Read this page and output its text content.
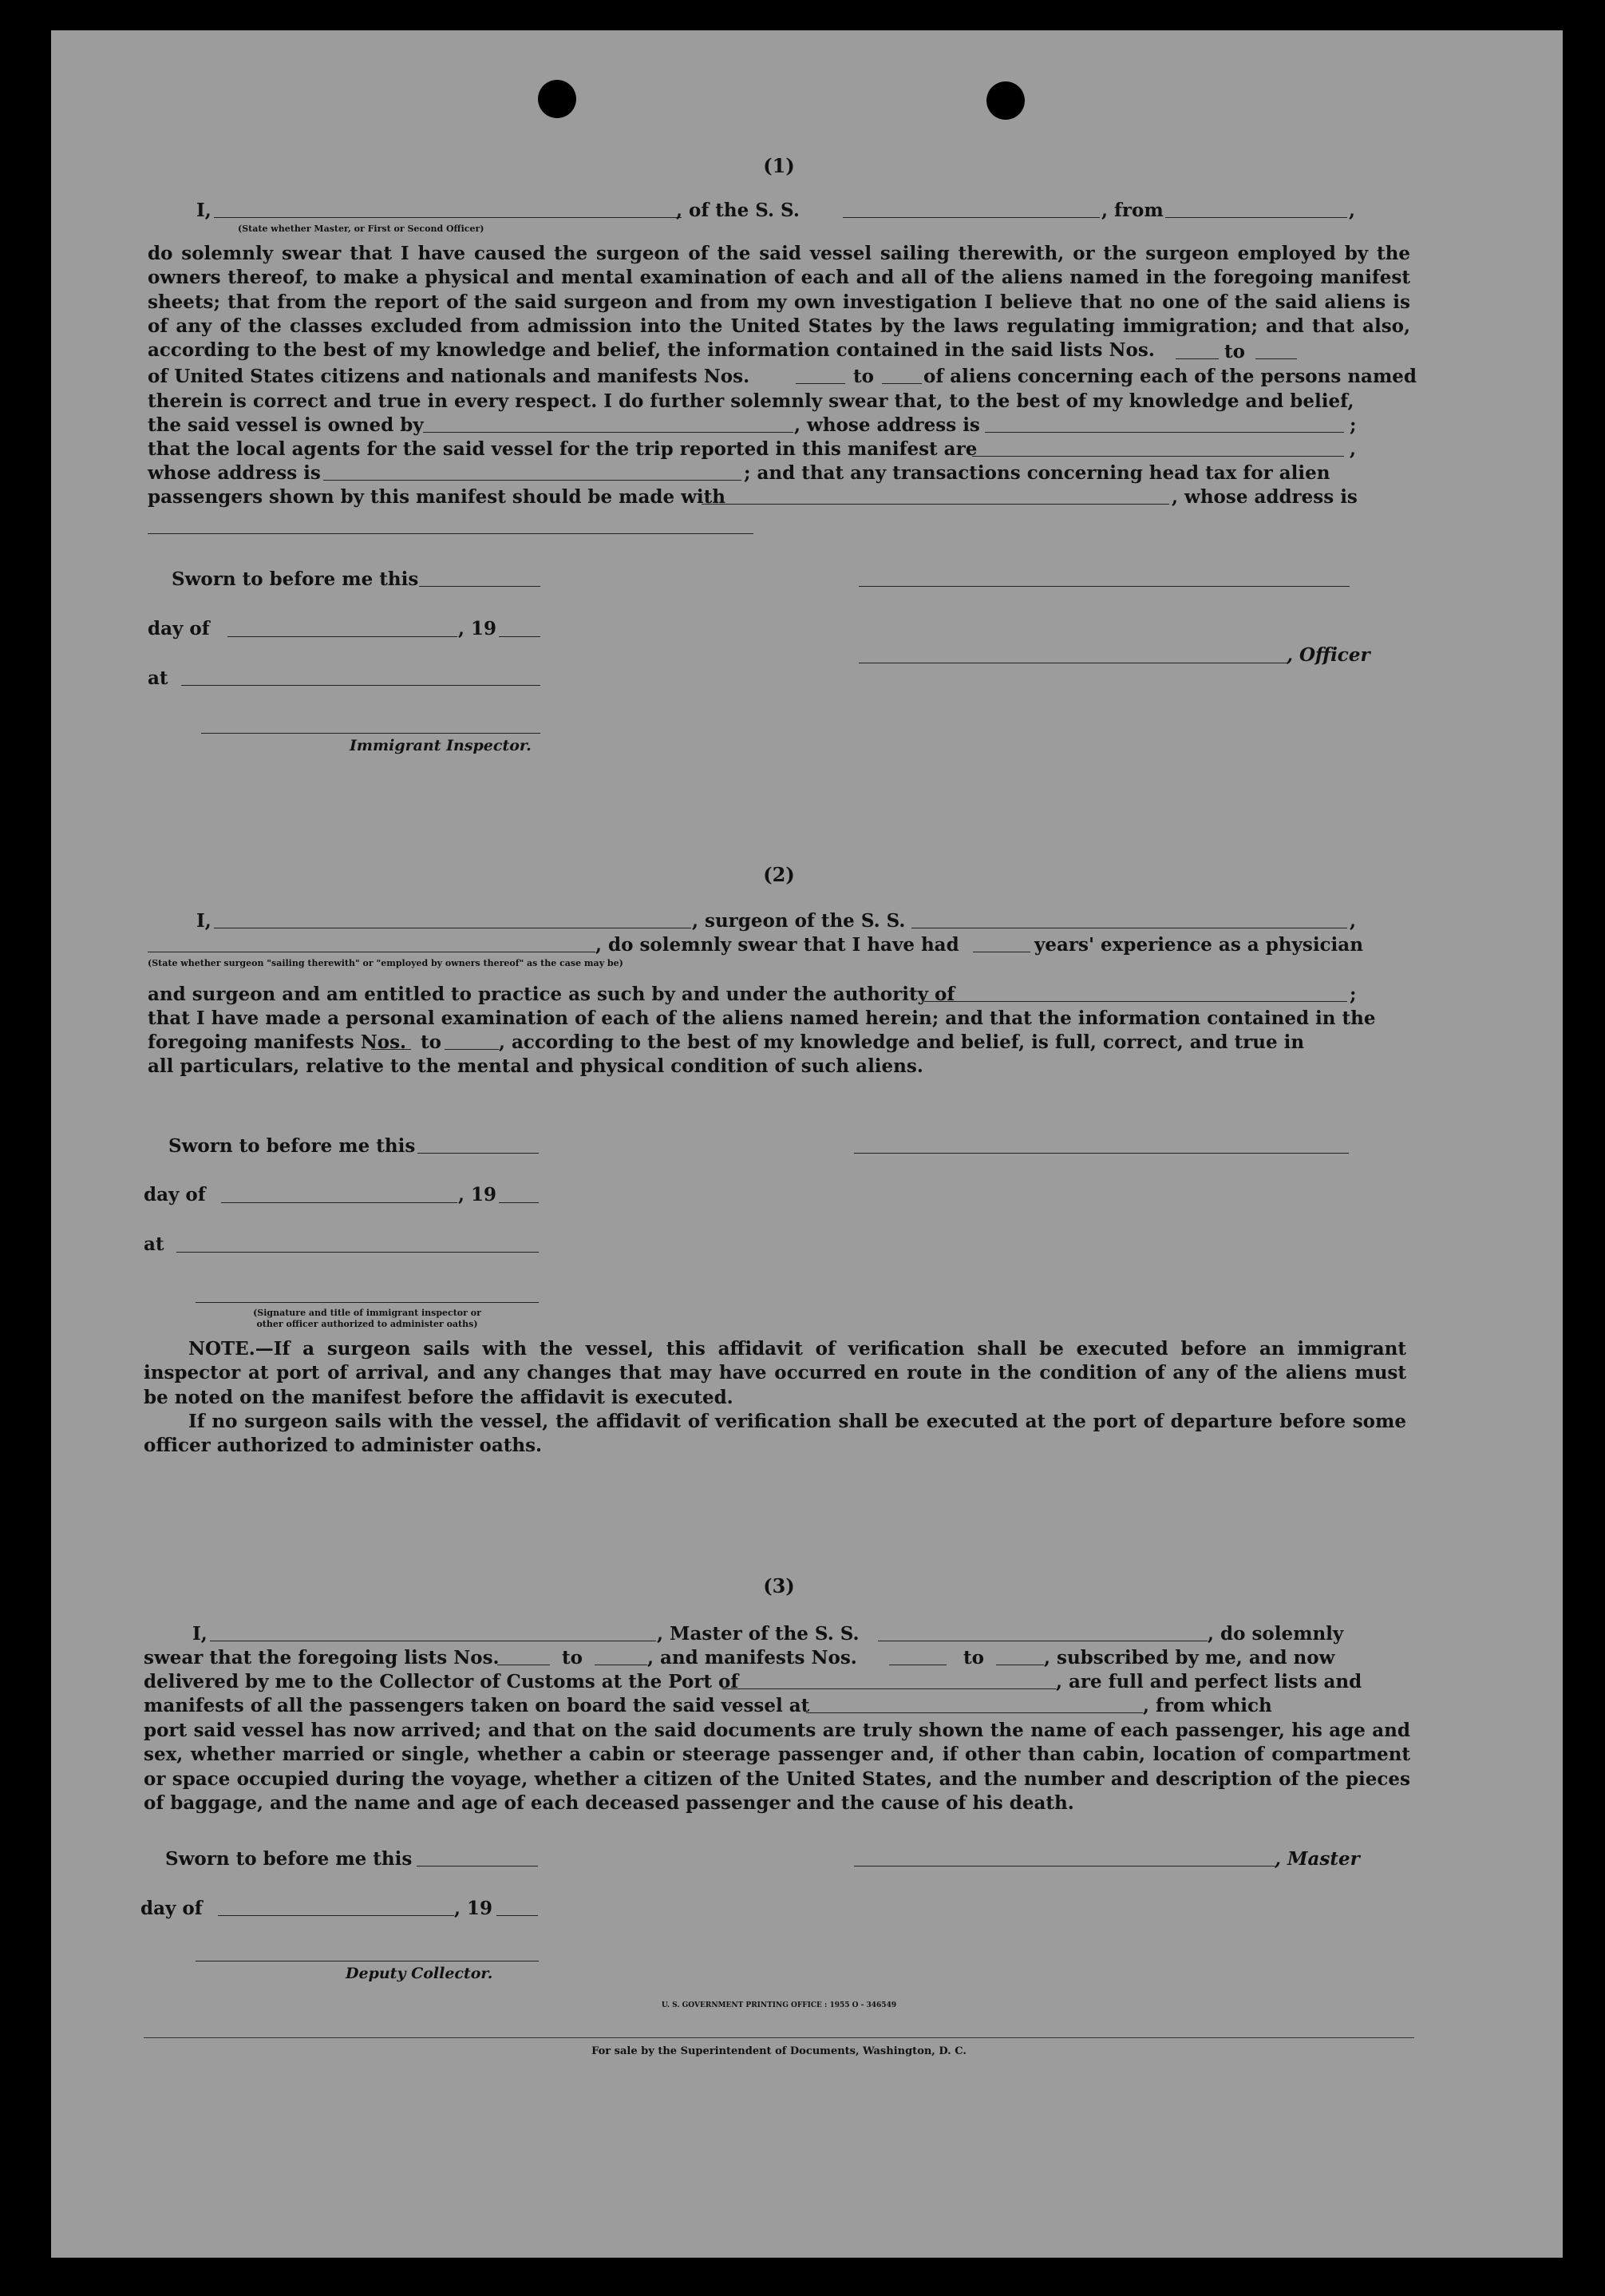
(1)
I,
(State whether Master, or First or Second Officer)
, of the S. S.	, from	,
do solemnly swear that I have caused the surgeon of the said vessel sailing therewith, or the surgeon employed by the owners thereof, to make a physical and mental examination of each and all of the aliens named in the foregoing manifest sheets; that from the report of the said surgeon and from my own investigation I believe that no one of the said aliens is of any of the classes excluded from admission into the United States by the laws regulating immigration; and that also, according to the best of my knowledge and belief, the information contained in the said lists Nos.	to
of United States citizens and nationals and manifests Nos.	to	of aliens concerning each of the persons named
therein is correct and true in every respect. I do further solemnly swear that, to the best of my knowledge and belief,
the said vessel is owned by	, whose address is	;
that the local agents for the said vessel for the trip reported in this manifest are	,
whose address is	; and that any transactions concerning head tax for alien
passengers shown by this manifest should be made with	, whose address is
Sworn to before me this
day of	, 19
, Officer
at
Immigrant Inspector.
(2)
I,	, surgeon of the S. S.	,
(State whether surgeon "sailing therewith" or "employed by owners thereof" as the case may be)
, do solemnly swear that I have had	years' experience as a physician
and surgeon and am entitled to practice as such by and under the authority of	;
that I have made a personal examination of each of the aliens named herein; and that the information contained in the
foregoing manifests Nos. to	, according to the best of my knowledge and belief, is full, correct, and true in
all particulars, relative to the mental and physical condition of such aliens.
Sworn to before me this
day of	, 19
at
(Signature and title of immigrant inspector or
other officer authorized to administer oaths)
NOTE.—If a surgeon sails with the vessel, this affidavit of verification shall be executed before an immigrant inspector at port of arrival, and any changes that may have occurred en route in the condition of any of the aliens must be noted on the manifest before the affidavit is executed.
If no surgeon sails with the vessel, the affidavit of verification shall be executed at the port of departure before some officer authorized to administer oaths.
(3)
I,	, Master of the S. S.	, do solemnly
swear that the foregoing lists Nos.	to	, and manifests Nos.	to	, subscribed by me, and now
delivered by me to the Collector of Customs at the Port of	, are full and perfect lists and
manifests of all the passengers taken on board the said vessel at	, from which
port said vessel has now arrived; and that on the said documents are truly shown the name of each passenger, his age and sex, whether married or single, whether a cabin or steerage passenger and, if other than cabin, location of compartment or space occupied during the voyage, whether a citizen of the United States, and the number and description of the pieces of baggage, and the name and age of each deceased passenger and the cause of his death.
Sworn to before me this	, Master
day of	, 19
Deputy Collector.
U. S. GOVERNMENT PRINTING OFFICE : 1955 O - 346549
For sale by the Superintendent of Documents, Washington, D. C.
